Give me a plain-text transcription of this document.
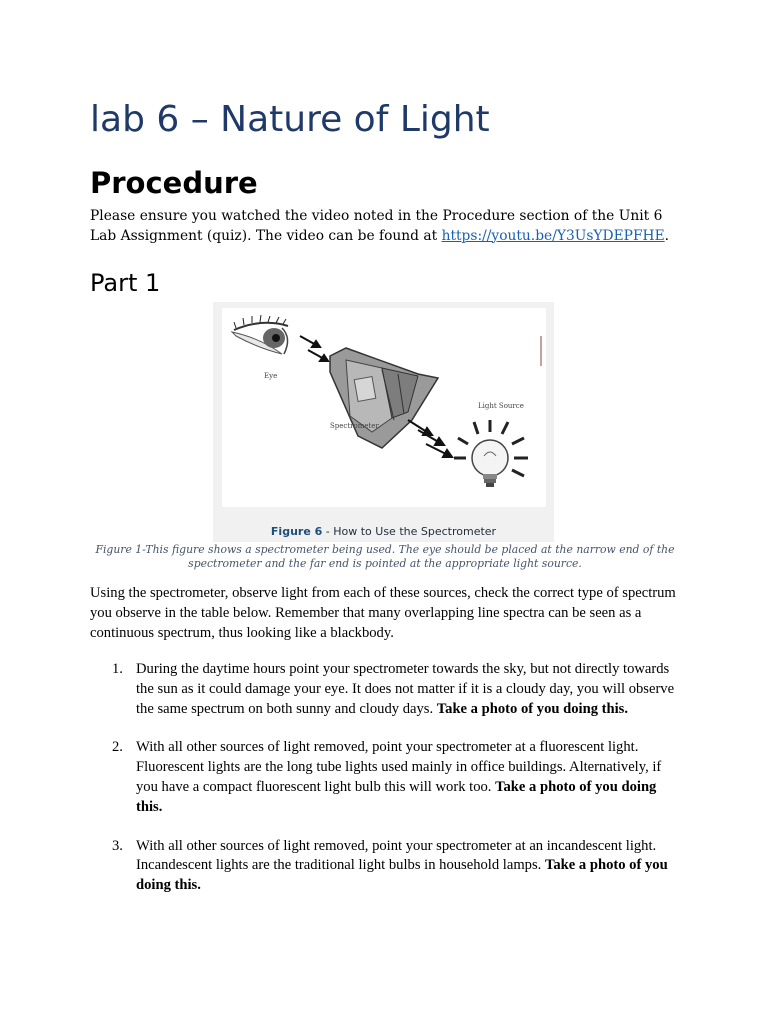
lab 6 – Nature of Light
Procedure

Please ensure you watched the video noted in the Procedure section of the Unit 6 Lab Assignment (quiz). The video can be found at https://youtu.be/Y3UsYDEPFHE.

Part 1
Eye
Spectrometer
Light Source
Figure 6 - How to Use the Spectrometer

Figure 1-This figure shows a spectrometer being used. The eye should be placed at the narrow end of the spectrometer and the far end is pointed at the appropriate light source.

Using the spectrometer, observe light from each of these sources, check the correct type of spectrum you observe in the table below. Remember that many overlapping line spectra can be seen as a continuous spectrum, thus looking like a blackbody.

1. During the daytime hours point your spectrometer towards the sky, but not directly towards the sun as it could damage your eye. It does not matter if it is a cloudy day, you will observe the same spectrum on both sunny and cloudy days. Take a photo of you doing this.
2. With all other sources of light removed, point your spectrometer at a fluorescent light. Fluorescent lights are the long tube lights used mainly in office buildings. Alternatively, if you have a compact fluorescent light bulb this will work too. Take a photo of you doing this.
3. With all other sources of light removed, point your spectrometer at an incandescent light. Incandescent lights are the traditional light bulbs in household lamps. Take a photo of you doing this.
